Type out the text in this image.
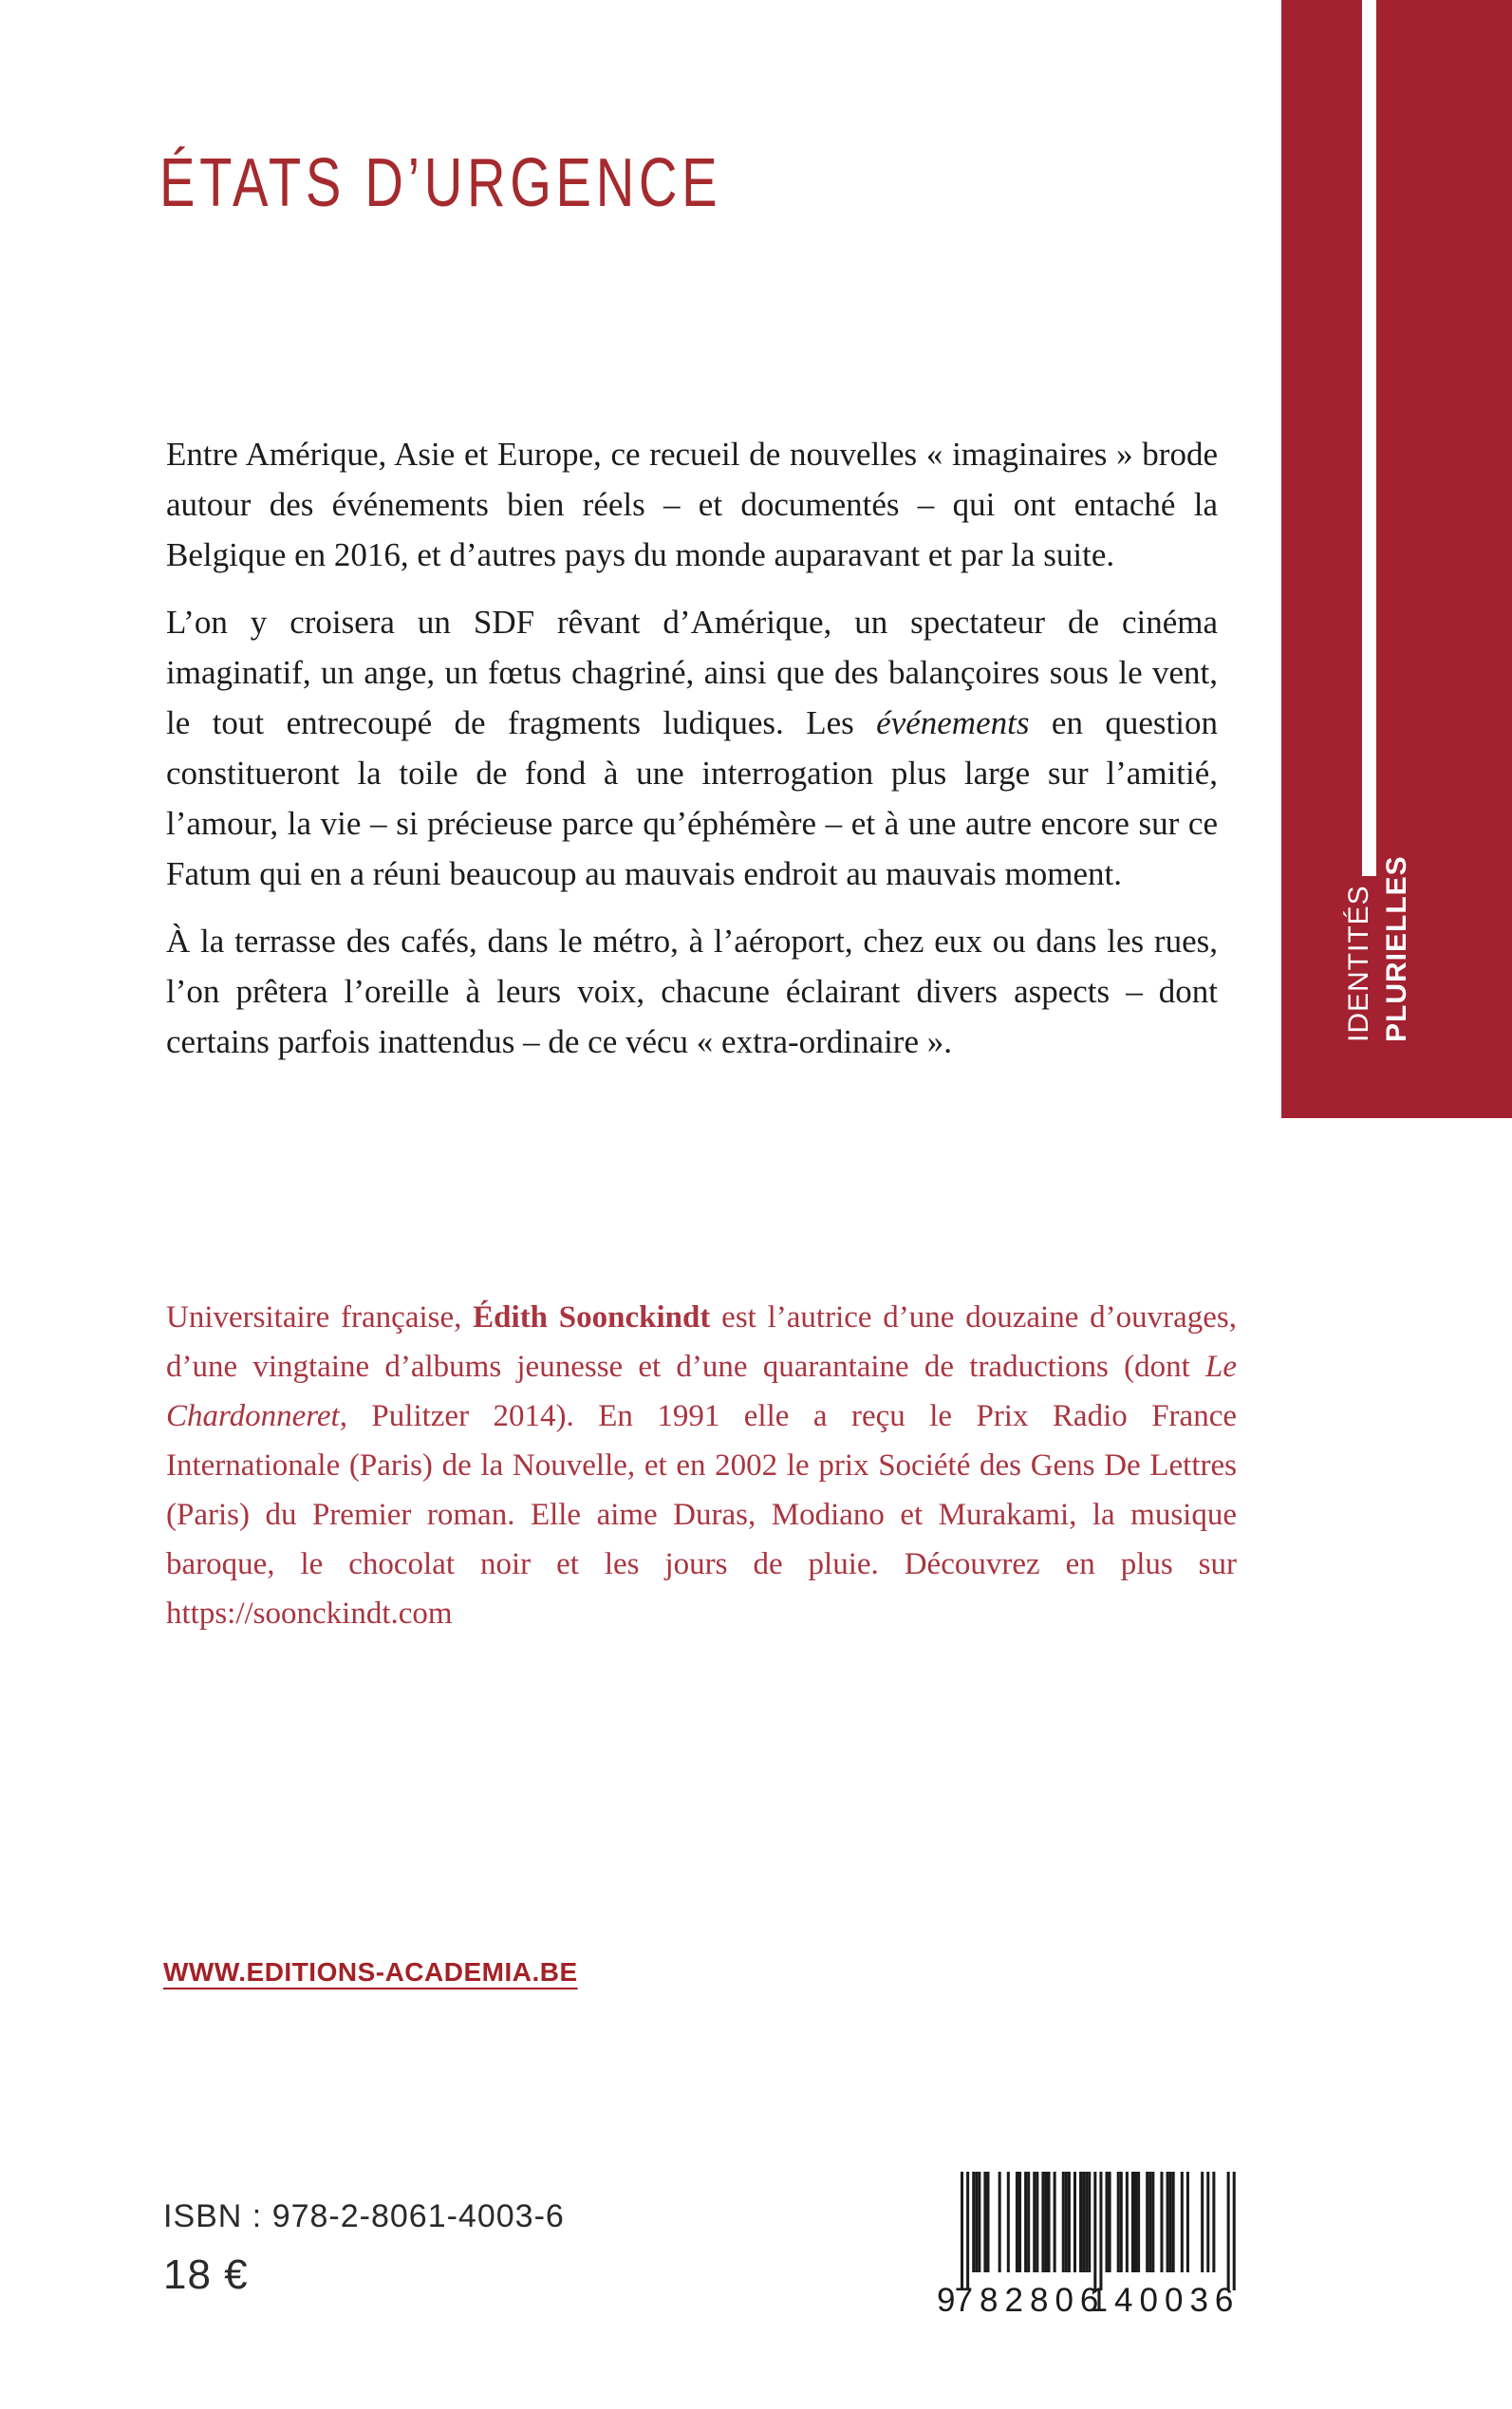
ÉTATS D’URGENCE
IDENTITÉS PLURIELLES

Entre Amérique, Asie et Europe, ce recueil de nouvelles « imaginaires » brode autour des événements bien réels – et documentés – qui ont entaché la Belgique en 2016, et d’autres pays du monde auparavant et par la suite.

L’on y croisera un SDF rêvant d’Amérique, un spectateur de cinéma imaginatif, un ange, un fœtus chagriné, ainsi que des balançoires sous le vent, le tout entrecoupé de fragments ludiques. Les événements en question constitueront la toile de fond à une interrogation plus large sur l’amitié, l’amour, la vie – si précieuse parce qu’éphémère – et à une autre encore sur ce Fatum qui en a réuni beaucoup au mauvais endroit au mauvais moment.

À la terrasse des cafés, dans le métro, à l’aéroport, chez eux ou dans les rues, l’on prêtera l’oreille à leurs voix, chacune éclairant divers aspects – dont certains parfois inattendus – de ce vécu « extra-ordinaire ».

Universitaire française, Édith Soonckindt est l’autrice d’une douzaine d’ouvrages, d’une vingtaine d’albums jeunesse et d’une quarantaine de traductions (dont Le Chardonneret, Pulitzer 2014). En 1991 elle a reçu le Prix Radio France Internationale (Paris) de la Nouvelle, et en 2002 le prix Société des Gens De Lettres (Paris) du Premier roman. Elle aime Duras, Modiano et Murakami, la musique baroque, le chocolat noir et les jours de pluie. Découvrez en plus sur https://soonckindt.com
WWW.EDITIONS-ACADEMIA.BE
ISBN : 978-2-8061-4003-6
18 €
9
782806
140036
